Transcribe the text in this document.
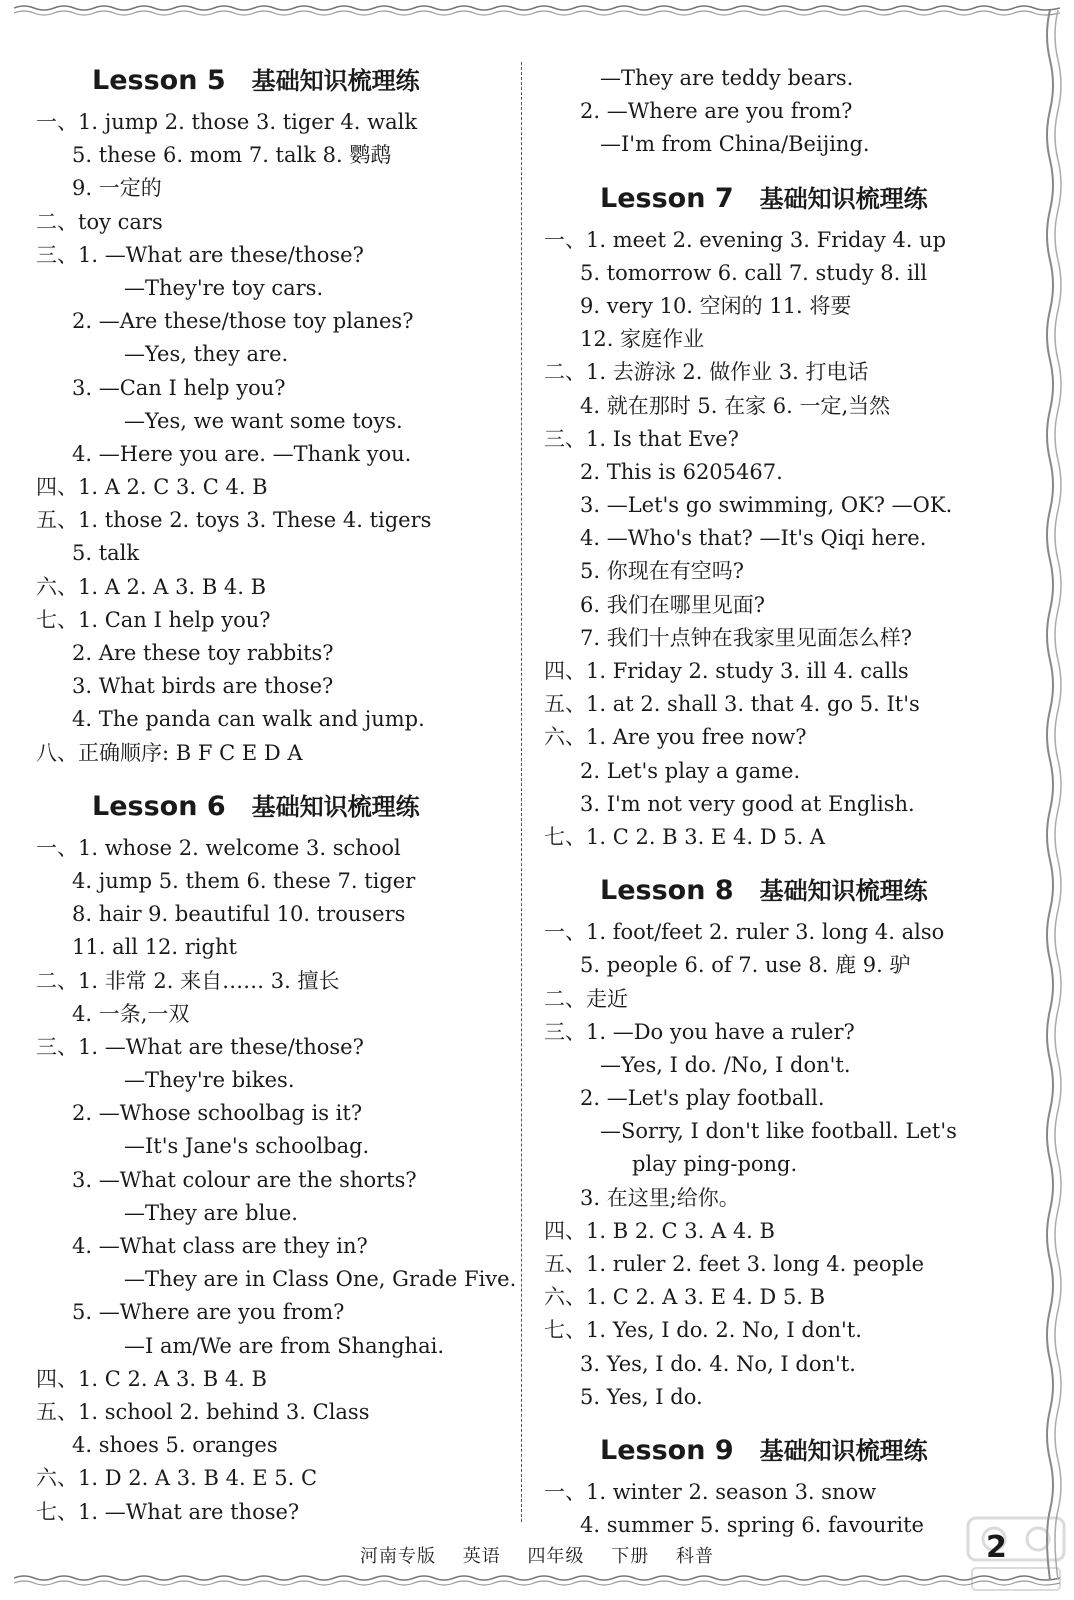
Lesson 5 基础知识梳理练
一、1. jump 2. those 3. tiger 4. walk
5. these 6. mom 7. talk 8. 鹦鹉
9. 一定的
二、toy cars
三、1. —What are these/those?
—They're toy cars.
2. —Are these/those toy planes?
—Yes, they are.
3. —Can I help you?
—Yes, we want some toys.
4. —Here you are. —Thank you.
四、1. A 2. C 3. C 4. B
五、1. those 2. toys 3. These 4. tigers
5. talk
六、1. A 2. A 3. B 4. B
七、1. Can I help you?
2. Are these toy rabbits?
3. What birds are those?
4. The panda can walk and jump.
八、正确顺序: B F C E D A
Lesson 6 基础知识梳理练
一、1. whose 2. welcome 3. school
4. jump 5. them 6. these 7. tiger
8. hair 9. beautiful 10. trousers
11. all 12. right
二、1. 非常 2. 来自…… 3. 擅长
4. 一条,一双
三、1. —What are these/those?
—They're bikes.
2. —Whose schoolbag is it?
—It's Jane's schoolbag.
3. —What colour are the shorts?
—They are blue.
4. —What class are they in?
—They are in Class One, Grade Five.
5. —Where are you from?
—I am/We are from Shanghai.
四、1. C 2. A 3. B 4. B
五、1. school 2. behind 3. Class
4. shoes 5. oranges
六、1. D 2. A 3. B 4. E 5. C
七、1. —What are those?
—They are teddy bears.
2. —Where are you from?
—I'm from China/Beijing.
Lesson 7 基础知识梳理练
一、1. meet 2. evening 3. Friday 4. up
5. tomorrow 6. call 7. study 8. ill
9. very 10. 空闲的 11. 将要
12. 家庭作业
二、1. 去游泳 2. 做作业 3. 打电话
4. 就在那时 5. 在家 6. 一定,当然
三、1. Is that Eve?
2. This is 6205467.
3. —Let's go swimming, OK? —OK.
4. —Who's that? —It's Qiqi here.
5. 你现在有空吗?
6. 我们在哪里见面?
7. 我们十点钟在我家里见面怎么样?
四、1. Friday 2. study 3. ill 4. calls
五、1. at 2. shall 3. that 4. go 5. It's
六、1. Are you free now?
2. Let's play a game.
3. I'm not very good at English.
七、1. C 2. B 3. E 4. D 5. A
Lesson 8 基础知识梳理练
一、1. foot/feet 2. ruler 3. long 4. also
5. people 6. of 7. use 8. 鹿 9. 驴
二、走近
三、1. —Do you have a ruler?
—Yes, I do. /No, I don't.
2. —Let's play football.
—Sorry, I don't like football. Let's
play ping-pong.
3. 在这里;给你。
四、1. B 2. C 3. A 4. B
五、1. ruler 2. feet 3. long 4. people
六、1. C 2. A 3. E 4. D 5. B
七、1. Yes, I do. 2. No, I don't.
3. Yes, I do. 4. No, I don't.
5. Yes, I do.
Lesson 9 基础知识梳理练
一、1. winter 2. season 3. snow
4. summer 5. spring 6. favourite
河南专版 英语 四年级 下册 科普	2
